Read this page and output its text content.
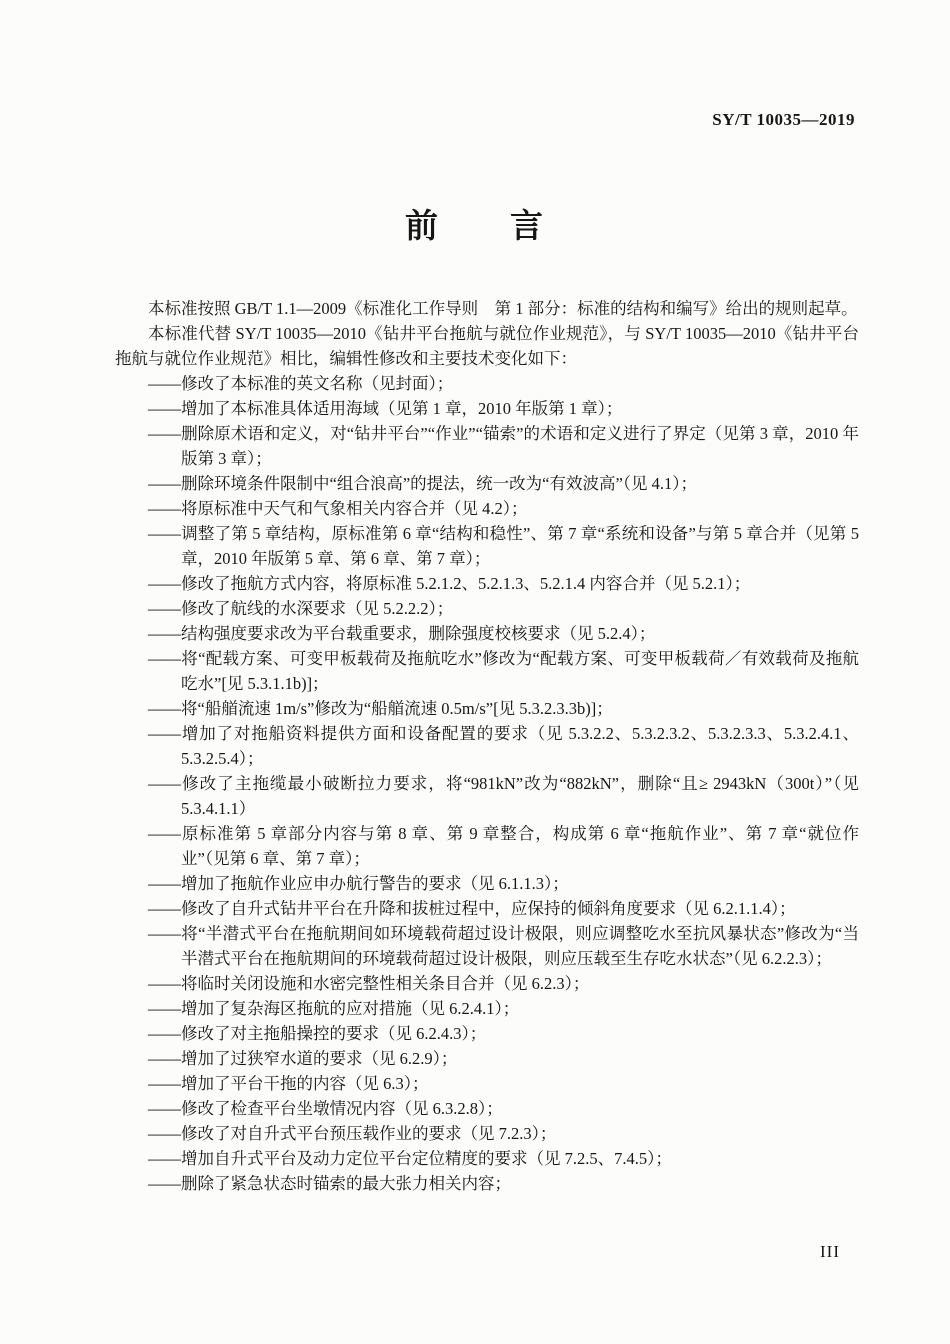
SY/T 10035—2019
前　　言

本标准按照 GB/T 1.1—2009《标准化工作导则　第 1 部分：标准的结构和编写》给出的规则起草。

本标准代替 SY/T 10035—2010《钻井平台拖航与就位作业规范》，与 SY/T 10035—2010《钻井平台拖航与就位作业规范》相比，编辑性修改和主要技术变化如下：

——修改了本标准的英文名称（见封面）；
——增加了本标准具体适用海域（见第 1 章，2010 年版第 1 章）；
——删除原术语和定义，对“钻井平台”“作业”“锚索”的术语和定义进行了界定（见第 3 章，2010 年版第 3 章）；
——删除环境条件限制中“组合浪高”的提法，统一改为“有效波高”（见 4.1）；
——将原标准中天气和气象相关内容合并（见 4.2）；
——调整了第 5 章结构，原标准第 6 章“结构和稳性”、第 7 章“系统和设备”与第 5 章合并（见第 5 章，2010 年版第 5 章、第 6 章、第 7 章）；
——修改了拖航方式内容，将原标准 5.2.1.2、5.2.1.3、5.2.1.4 内容合并（见 5.2.1）；
——修改了航线的水深要求（见 5.2.2.2）；
——结构强度要求改为平台载重要求，删除强度校核要求（见 5.2.4）；
——将“配载方案、可变甲板载荷及拖航吃水”修改为“配载方案、可变甲板载荷／有效载荷及拖航吃水”[见 5.3.1.1b)]；
——将“船艏流速 1m/s”修改为“船艏流速 0.5m/s”[见 5.3.2.3.3b)]；
——增加了对拖船资料提供方面和设备配置的要求（见 5.3.2.2、5.3.2.3.2、5.3.2.3.3、5.3.2.4.1、5.3.2.5.4）；
——修改了主拖缆最小破断拉力要求，将“981kN”改为“882kN”，删除“且≥ 2943kN（300t）”（见 5.3.4.1.1）
——原标准第 5 章部分内容与第 8 章、第 9 章整合，构成第 6 章“拖航作业”、第 7 章“就位作业”（见第 6 章、第 7 章）；
——增加了拖航作业应申办航行警告的要求（见 6.1.1.3）；
——修改了自升式钻井平台在升降和拔桩过程中，应保持的倾斜角度要求（见 6.2.1.1.4）；
——将“半潜式平台在拖航期间如环境载荷超过设计极限，则应调整吃水至抗风暴状态”修改为“当半潜式平台在拖航期间的环境载荷超过设计极限，则应压载至生存吃水状态”（见 6.2.2.3）；
——将临时关闭设施和水密完整性相关条目合并（见 6.2.3）；
——增加了复杂海区拖航的应对措施（见 6.2.4.1）；
——修改了对主拖船操控的要求（见 6.2.4.3）；
——增加了过狭窄水道的要求（见 6.2.9）；
——增加了平台干拖的内容（见 6.3）；
——修改了检查平台坐墩情况内容（见 6.3.2.8）；
——修改了对自升式平台预压载作业的要求（见 7.2.3）；
——增加自升式平台及动力定位平台定位精度的要求（见 7.2.5、7.4.5）；
——删除了紧急状态时锚索的最大张力相关内容；
III
